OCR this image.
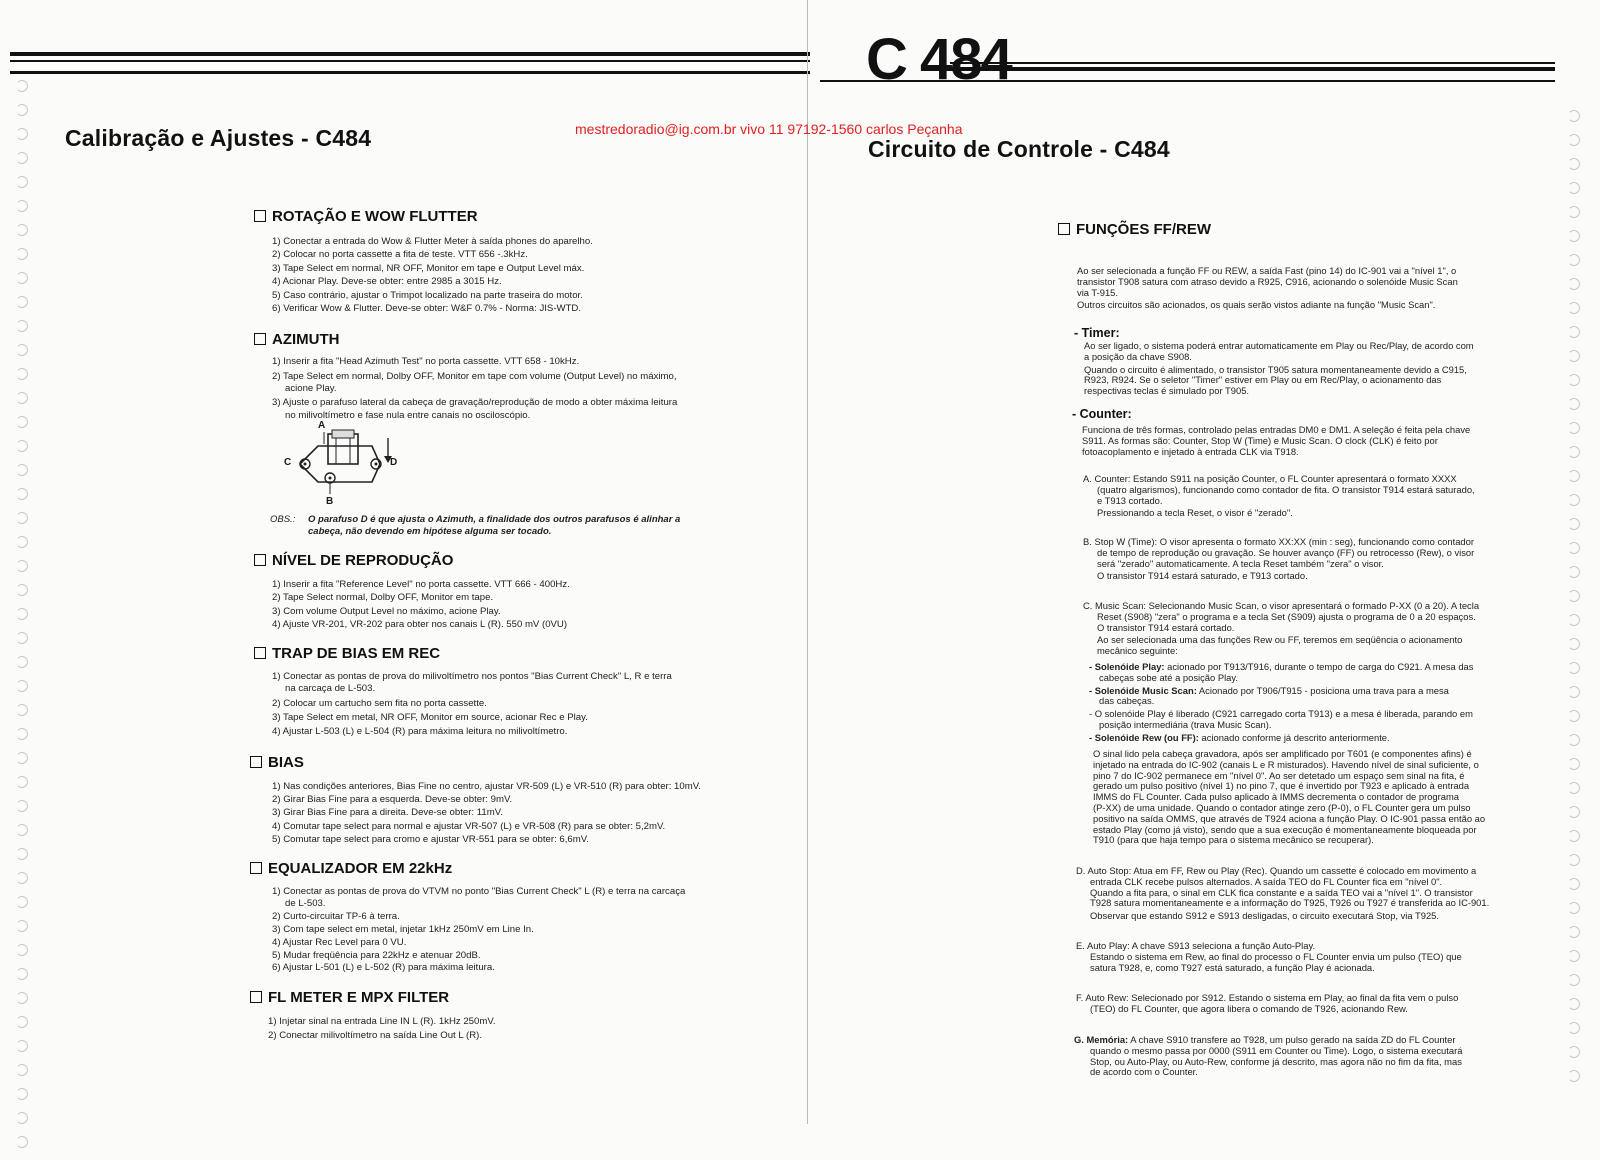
C 484
mestredoradio@ig.com.br vivo 11 97192-1560 carlos Peçanha
Calibração e Ajustes - C484
ROTAÇÃO E WOW FLUTTER
1) Conectar a entrada do Wow & Flutter Meter à saída phones do aparelho.
2) Colocar no porta cassette a fita de teste. VTT 656 -.3kHz.
3) Tape Select em normal, NR OFF, Monitor em tape e Output Level máx.
4) Acionar Play. Deve-se obter: entre 2985 a 3015 Hz.
5) Caso contrário, ajustar o Trimpot localizado na parte traseira do motor.
6) Verificar Wow & Flutter. Deve-se obter: W&F 0.7% - Norma: JIS-WTD.
AZIMUTH
1) Inserir a fita "Head Azimuth Test" no porta cassette. VTT 658 - 10kHz.
2) Tape Select em normal, Dolby OFF, Monitor em tape com volume (Output Level) no máximo,
acione Play.
3) Ajuste o parafuso lateral da cabeça de gravação/reprodução de modo a obter máxima leitura
no milivoltímetro e fase nula entre canais no osciloscópio.
A
C	D
B
OBS.:	O parafuso D é que ajusta o Azimuth, a finalidade dos outros parafusos é alinhar a
cabeça, não devendo em hipótese alguma ser tocado.
NÍVEL DE REPRODUÇÃO
1) Inserir a fita "Reference Level" no porta cassette. VTT 666 - 400Hz.
2) Tape Select normal, Dolby OFF, Monitor em tape.
3) Com volume Output Level no máximo, acione Play.
4) Ajuste VR-201, VR-202 para obter nos canais L (R). 550 mV (0VU)
TRAP DE BIAS EM REC
1) Conectar as pontas de prova do milivoltímetro nos pontos "Bias Current Check" L, R e terra
na carcaça de L-503.
2) Colocar um cartucho sem fita no porta cassette.
3) Tape Select em metal, NR OFF, Monitor em source, acionar Rec e Play.
4) Ajustar L-503 (L) e L-504 (R) para máxima leitura no milivoltímetro.
BIAS
1) Nas condições anteriores, Bias Fine no centro, ajustar VR-509 (L) e VR-510 (R) para obter: 10mV.
2) Girar Bias Fine para a esquerda. Deve-se obter: 9mV.
3) Girar Bias Fine para a direita. Deve-se obter: 11mV.
4) Comutar tape select para normal e ajustar VR-507 (L) e VR-508 (R) para se obter: 5,2mV.
5) Comutar tape select para cromo e ajustar VR-551 para se obter: 6,6mV.
EQUALIZADOR EM 22kHz
1) Conectar as pontas de prova do VTVM no ponto "Bias Current Check" L (R) e terra na carcaça
de L-503.
2) Curto-circuitar TP-6 à terra.
3) Com tape select em metal, injetar 1kHz 250mV em Line In.
4) Ajustar Rec Level para 0 VU.
5) Mudar freqüência para 22kHz e atenuar 20dB.
6) Ajustar L-501 (L) e L-502 (R) para máxima leitura.
FL METER E MPX FILTER
1) Injetar sinal na entrada Line IN L (R). 1kHz 250mV.
2) Conectar milivoltímetro na saída Line Out L (R).
Circuito de Controle - C484
FUNÇÕES FF/REW
Ao ser selecionada a função FF ou REW, a saída Fast (pino 14) do IC-901 vai a "nível 1", o
transistor T908 satura com atraso devido a R925, C916, acionando o solenóide Music Scan
via T-915.
Outros circuitos são acionados, os quais serão vistos adiante na função "Music Scan".
- Timer:
Ao ser ligado, o sistema poderá entrar automaticamente em Play ou Rec/Play, de acordo com
a posição da chave S908.
Quando o circuito é alimentado, o transistor T905 satura momentaneamente devido a C915,
R923, R924. Se o seletor "Timer" estiver em Play ou em Rec/Play, o acionamento das
respectivas teclas é simulado por T905.
- Counter:
Funciona de três formas, controlado pelas entradas DM0 e DM1. A seleção é feita pela chave
S911. As formas são: Counter, Stop W (Time) e Music Scan. O clock (CLK) é feito por
fotoacoplamento e injetado à entrada CLK via T918.
A. Counter: Estando S911 na posição Counter, o FL Counter apresentará o formato XXXX
(quatro algarismos), funcionando como contador de fita. O transistor T914 estará saturado,
e T913 cortado.
Pressionando a tecla Reset, o visor é "zerado".
B. Stop W (Time): O visor apresenta o formato XX:XX (min : seg), funcionando como contador
de tempo de reprodução ou gravação. Se houver avanço (FF) ou retrocesso (Rew), o visor
será "zerado" automaticamente. A tecla Reset também "zera" o visor.
O transistor T914 estará saturado, e T913 cortado.
C. Music Scan: Selecionando Music Scan, o visor apresentará o formado P-XX (0 a 20). A tecla
Reset (S908) "zera" o programa e a tecla Set (S909) ajusta o programa de 0 a 20 espaços.
O transistor T914 estará cortado.
Ao ser selecionada uma das funções Rew ou FF, teremos em seqüência o acionamento
mecânico seguinte:
- Solenóide Play: acionado por T913/T916, durante o tempo de carga do C921. A mesa das
cabeças sobe até a posição Play.
- Solenóide Music Scan: Acionado por T906/T915 - posiciona uma trava para a mesa
das cabeças.
- O solenóide Play é liberado (C921 carregado corta T913) e a mesa é liberada, parando em
posição intermediária (trava Music Scan).
- Solenóide Rew (ou FF): acionado conforme já descrito anteriormente.
O sinal lido pela cabeça gravadora, após ser amplificado por T601 (e componentes afins) é
injetado na entrada do IC-902 (canais L e R misturados). Havendo nível de sinal suficiente, o
pino 7 do IC-902 permanece em "nível 0". Ao ser detetado um espaço sem sinal na fita, é
gerado um pulso positivo (nível 1) no pino 7, que é invertido por T923 e aplicado à entrada
IMMS do FL Counter. Cada pulso aplicado à IMMS decrementa o contador de programa
(P-XX) de uma unidade. Quando o contador atinge zero (P-0), o FL Counter gera um pulso
positivo na saída OMMS, que através de T924 aciona a função Play. O IC-901 passa então ao
estado Play (como já visto), sendo que a sua execução é momentaneamente bloqueada por
T910 (para que haja tempo para o sistema mecânico se recuperar).
D. Auto Stop: Atua em FF, Rew ou Play (Rec). Quando um cassette é colocado em movimento a
entrada CLK recebe pulsos alternados. A saída TEO do FL Counter fica em "nível 0".
Quando a fita para, o sinal em CLK fica constante e a saída TEO vai a "nível 1". O transistor
T928 satura momentaneamente e a informação do T925, T926 ou T927 é transferida ao IC-901.
Observar que estando S912 e S913 desligadas, o circuito executará Stop, via T925.
E. Auto Play: A chave S913 seleciona a função Auto-Play.
Estando o sistema em Rew, ao final do processo o FL Counter envia um pulso (TEO) que
satura T928, e, como T927 está saturado, a função Play é acionada.
F. Auto Rew: Selecionado por S912. Estando o sistema em Play, ao final da fita vem o pulso
(TEO) do FL Counter, que agora libera o comando de T926, acionando Rew.
G. Memória: A chave S910 transfere ao T928, um pulso gerado na saída ZD do FL Counter
quando o mesmo passa por 0000 (S911 em Counter ou Time). Logo, o sistema executará
Stop, ou Auto-Play, ou Auto-Rew, conforme já descrito, mas agora não no fim da fita, mas
de acordo com o Counter.
